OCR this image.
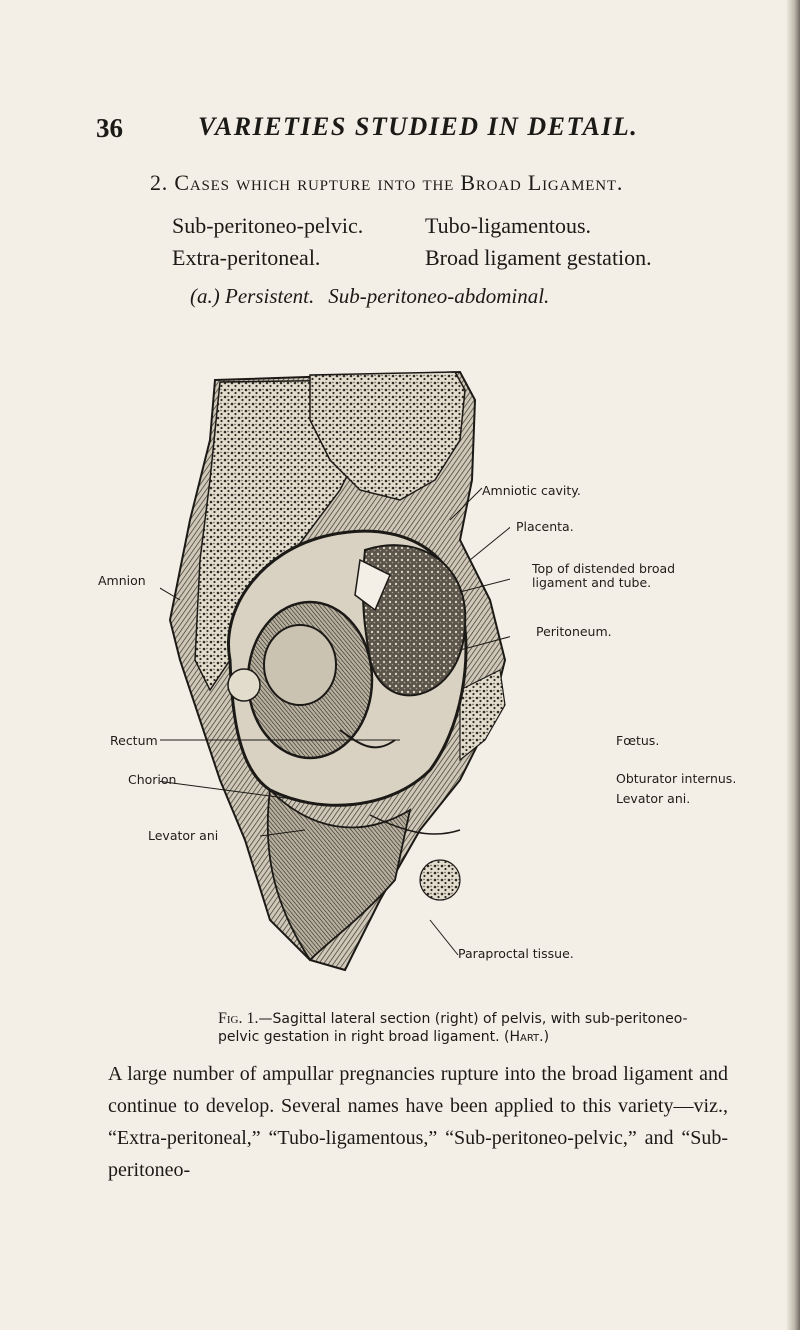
36	VARIETIES STUDIED IN DETAIL.
2. Cases which rupture into the Broad Ligament.
Sub-peritoneo-pelvic.	Tubo-ligamentous.
Extra-peritoneal.	Broad ligament gestation.
(a.) Persistent. Sub-peritoneo-abdominal.
Amniotic cavity.
Placenta.
Top of distended broad
ligament and tube.
Peritoneum.
Amnion
Rectum	Fœtus.
Obturator internus.
Chorion
Levator ani.
Levator ani
Paraproctal tissue.
Fig. 1.—Sagittal lateral section (right) of pelvis, with sub-peritoneo-pelvic gestation in right broad ligament. (Hart.)

A large number of ampullar pregnancies rupture into the broad ligament and continue to develop. Several names have been applied to this variety—viz., “Extra-peritoneal,” “Tubo-ligamentous,” “Sub-peritoneo-pelvic,” and “Sub-peritoneo-
